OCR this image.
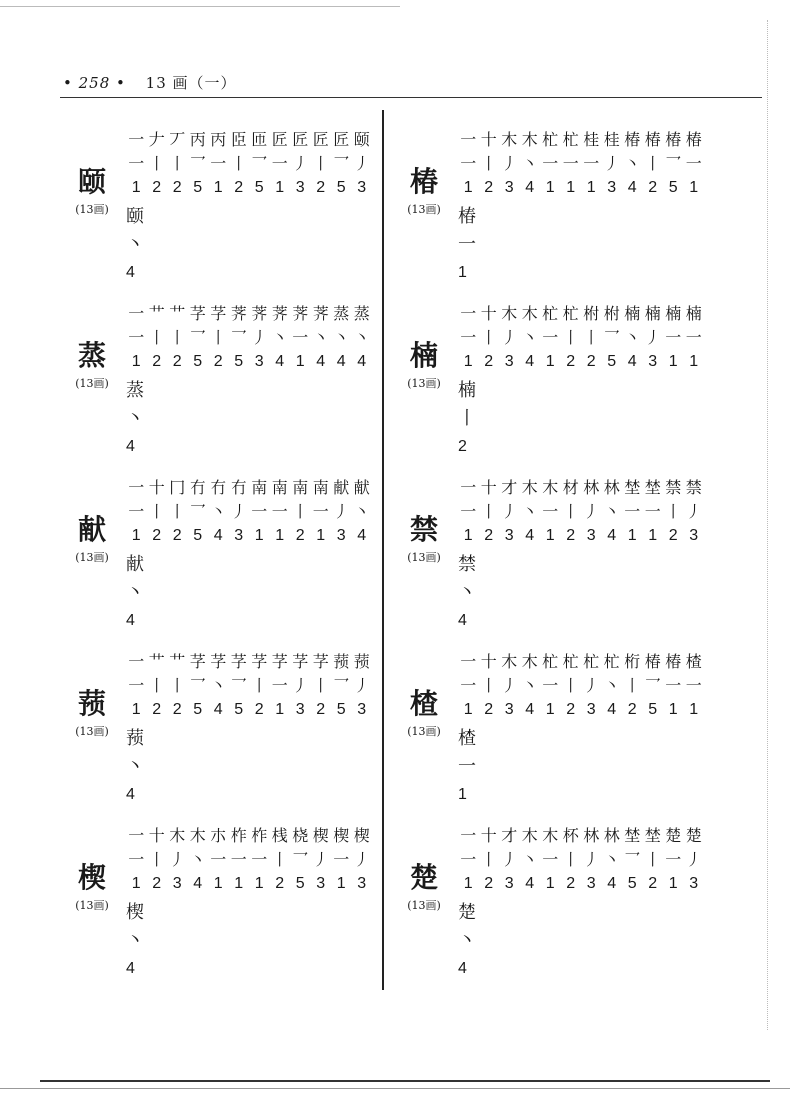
• 258 • 13 画（一）
颐
(13画)
一 𠂇 丆 丙 丙 𦣝 匝 匠 匠 匠 匠 颐
一 丨 丨 乛 一 丨 乛 一 丿 丨 乛 丿
1 2 2 5 1 2 5 1 3 2 5 3
颐
丶
4
蒸
(13画)
一 艹 艹 芓 芓 荠 荠 荠 荠 荠 蒸 蒸
一 丨 丨 乛 丨 乛 丿 丶 一 丶 丶 丶
1 2 2 5 2 5 3 4 1 4 4 4
蒸
丶
4
献
(13画)
一 十 冂 冇 冇 冇 南 南 南 南 献 献
一 丨 丨 乛 丶 丿 一 一 丨 一 丿 丶
1 2 2 5 4 3 1 1 2 1 3 4
献
丶
4
蓣
(13画)
一 艹 艹 芓 芓 芓 芓 芓 芓 芓 蓣 蓣
一 丨 丨 乛 丶 乛 丨 一 丿 丨 乛 丿
1 2 2 5 4 5 2 1 3 2 5 3
蓣
丶
4
楔
(13画)
一 十 木 木 朩 柞 柞 桟 桡 楔 楔 楔
一 丨 丿 丶 一 一 一 丨 乛 丿 一 丿
1 2 3 4 1 1 1 2 5 3 1 3
楔
丶
4
椿
(13画)
一 十 木 木 杧 杧 桂 桂 椿 椿 椿 椿
一 丨 丿 丶 一 一 一 丿 丶 丨 乛 一
1 2 3 4 1 1 1 3 4 2 5 1
椿
一
1
楠
(13画)
一 十 木 木 杧 杧 柎 柎 楠 楠 楠 楠
一 丨 丿 丶 一 丨 丨 乛 丶 丿 一 一
1 2 3 4 1 2 2 5 4 3 1 1
楠
丨
2
禁
(13画)
一 十 才 木 木 材 林 林 埜 埜 禁 禁
一 丨 丿 丶 一 丨 丿 丶 一 一 丨 丿
1 2 3 4 1 2 3 4 1 1 2 3
禁
丶
4
楂
(13画)
一 十 木 木 杧 杧 杧 杧 桁 椿 椿 楂
一 丨 丿 丶 一 丨 丿 丶 丨 乛 一 一
1 2 3 4 1 2 3 4 2 5 1 1
楂
一
1
楚
(13画)
一 十 才 木 木 杯 林 林 埜 埜 楚 楚
一 丨 丿 丶 一 丨 丿 丶 乛 丨 一 丿
1 2 3 4 1 2 3 4 5 2 1 3
楚
丶
4
